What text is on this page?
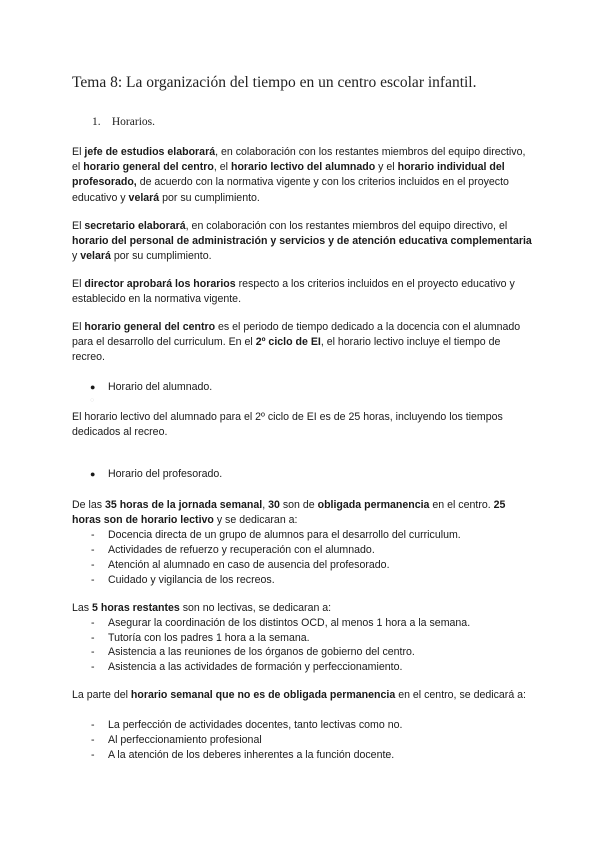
Tema 8: La organización del tiempo en un centro escolar infantil.
1. Horarios.

El jefe de estudios elaborará, en colaboración con los restantes miembros del equipo directivo, el horario general del centro, el horario lectivo del alumnado y el horario individual del profesorado, de acuerdo con la normativa vigente y con los criterios incluidos en el proyecto educativo y velará por su cumplimiento.

El secretario elaborará, en colaboración con los restantes miembros del equipo directivo, el horario del personal de administración y servicios y de atención educativa complementaria y velará por su cumplimiento.

El director aprobará los horarios respecto a los criterios incluidos en el proyecto educativo y establecido en la normativa vigente.

El horario general del centro es el periodo de tiempo dedicado a la docencia con el alumnado para el desarrollo del curriculum. En el 2º ciclo de EI, el horario lectivo incluye el tiempo de recreo.

● Horario del alumnado.
○

El horario lectivo del alumnado para el 2º ciclo de EI es de 25 horas, incluyendo los tiempos dedicados al recreo.

● Horario del profesorado.

De las 35 horas de la jornada semanal, 30 son de obligada permanencia en el centro. 25 horas son de horario lectivo y se dedicaran a:

- Docencia directa de un grupo de alumnos para el desarrollo del curriculum.
- Actividades de refuerzo y recuperación con el alumnado.
- Atención al alumnado en caso de ausencia del profesorado.
- Cuidado y vigilancia de los recreos.

Las 5 horas restantes son no lectivas, se dedicaran a:

- Asegurar la coordinación de los distintos OCD, al menos 1 hora a la semana.
- Tutoría con los padres 1 hora a la semana.
- Asistencia a las reuniones de los órganos de gobierno del centro.
- Asistencia a las actividades de formación y perfeccionamiento.

La parte del horario semanal que no es de obligada permanencia en el centro, se dedicará a:

- La perfección de actividades docentes, tanto lectivas como no.
- Al perfeccionamiento profesional
- A la atención de los deberes inherentes a la función docente.
